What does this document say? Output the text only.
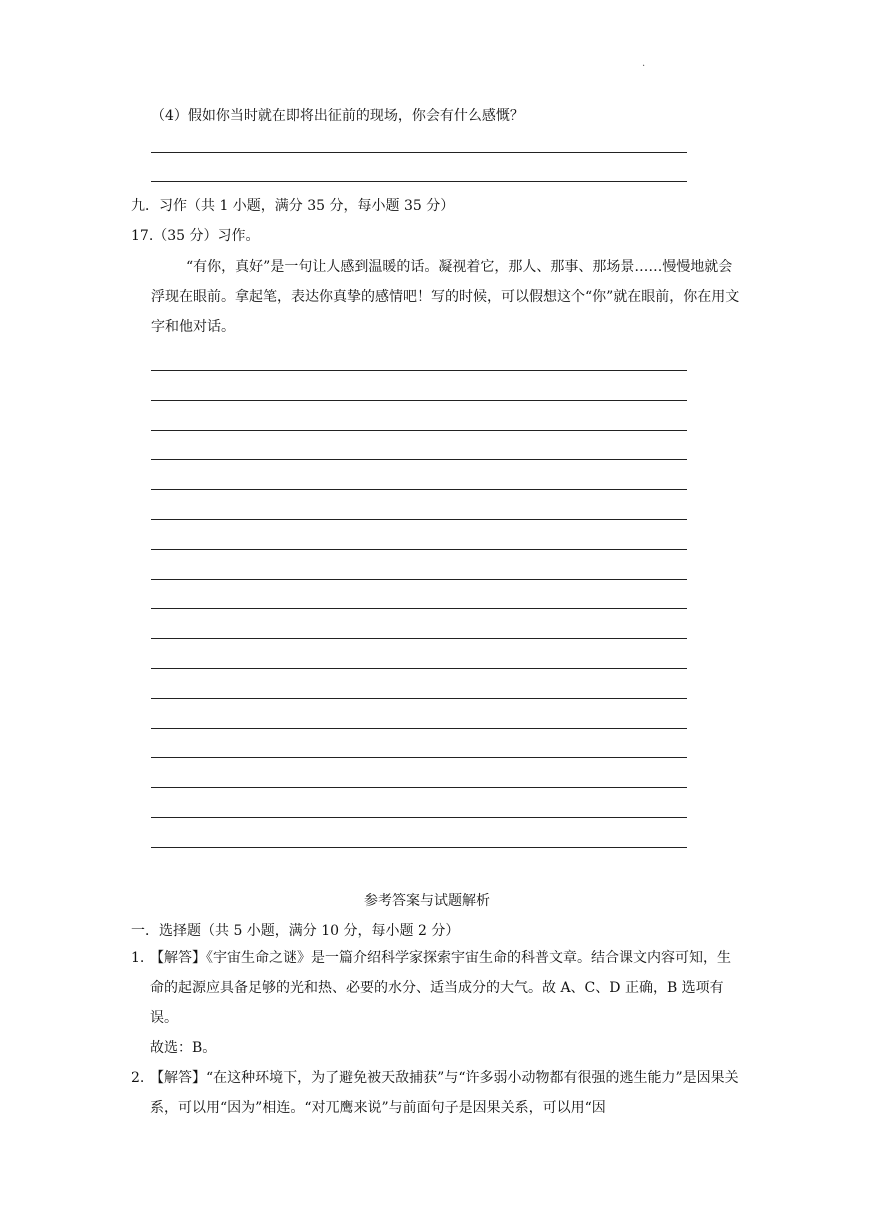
.
（4）假如你当时就在即将出征前的现场，你会有什么感慨？
九．习作（共 1 小题，满分 35 分，每小题 35 分）
17.（35 分）习作。
“有你，真好”是一句让人感到温暖的话。凝视着它，那人、那事、那场景……慢慢地就会浮现在眼前。拿起笔，表达你真挚的感情吧！写的时候，可以假想这个“你”就在眼前，你在用文字和他对话。
参考答案与试题解析
一．选择题（共 5 小题，满分 10 分，每小题 2 分）
1. 【解答】《宇宙生命之谜》是一篇介绍科学家探索宇宙生命的科普文章。结合课文内容可知，生命的起源应具备足够的光和热、必要的水分、适当成分的大气。故 A、C、D 正确，B 选项有误。

故选：B。

2. 【解答】“在这种环境下，为了避免被天敌捕获”与“许多弱小动物都有很强的逃生能力”是因果关系，可以用“因为”相连。“对兀鹰来说”与前面句子是因果关系，可以用“因
